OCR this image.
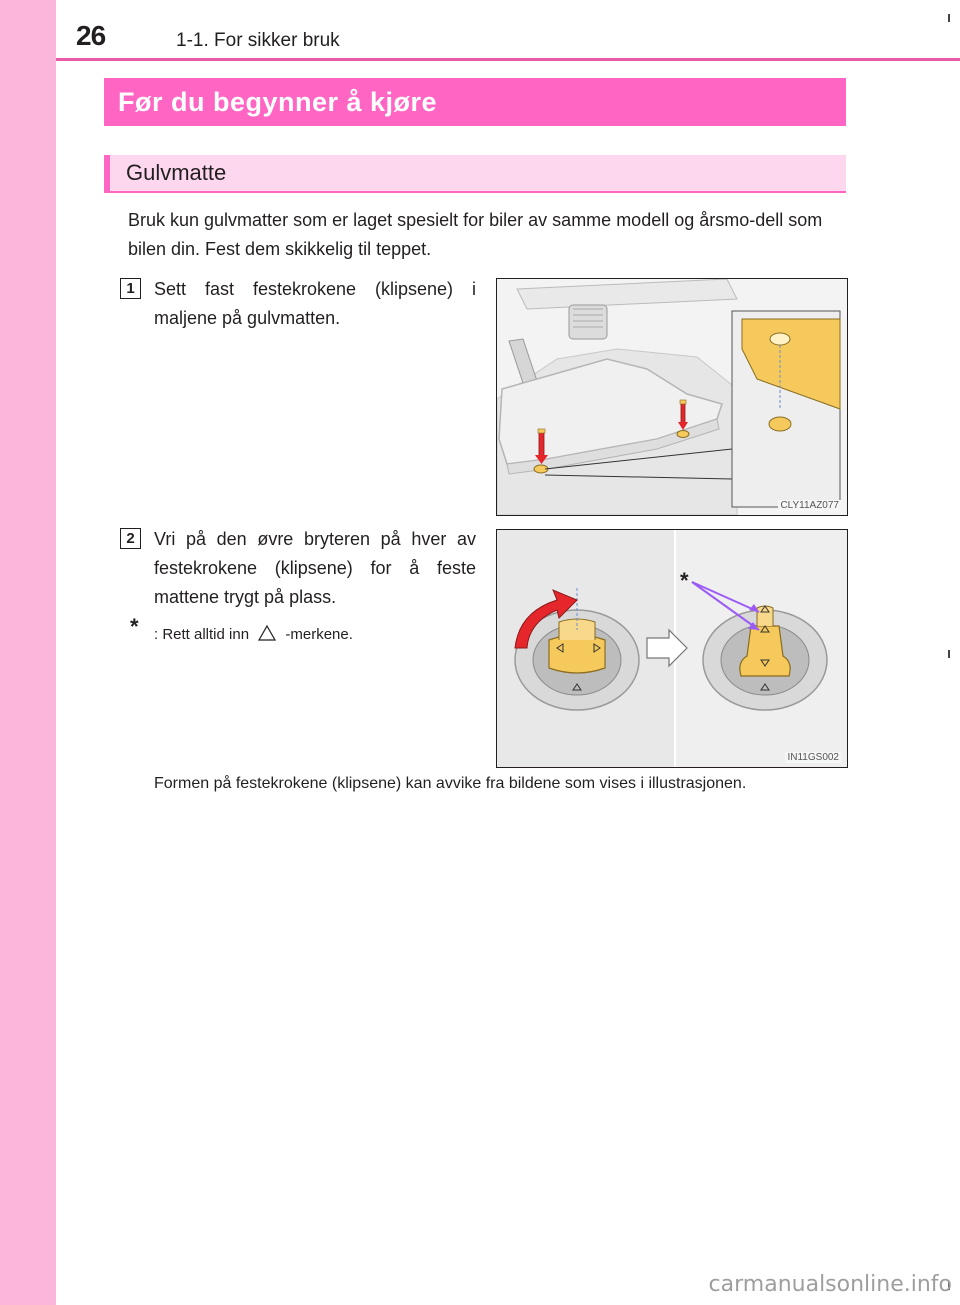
26	1-1. For sikker bruk
Før du begynner å kjøre
Gulvmatte

Bruk kun gulvmatter som er laget spesielt for biler av samme modell og årsmo-dell som bilen din. Fest dem skikkelig til teppet.

1	Sett fast festekrokene (klipsene) i maljene på gulvmatten.

CLY11AZ077
2	Vri på den øvre bryteren på hver av festekrokene (klipsene) for å feste mattene trygt på plass.

*
IN11GS002
* : Rett alltid inn -merkene.
Formen på festekrokene (klipsene) kan avvike fra bildene som vises i illustrasjonen.
carmanualsonline.info
